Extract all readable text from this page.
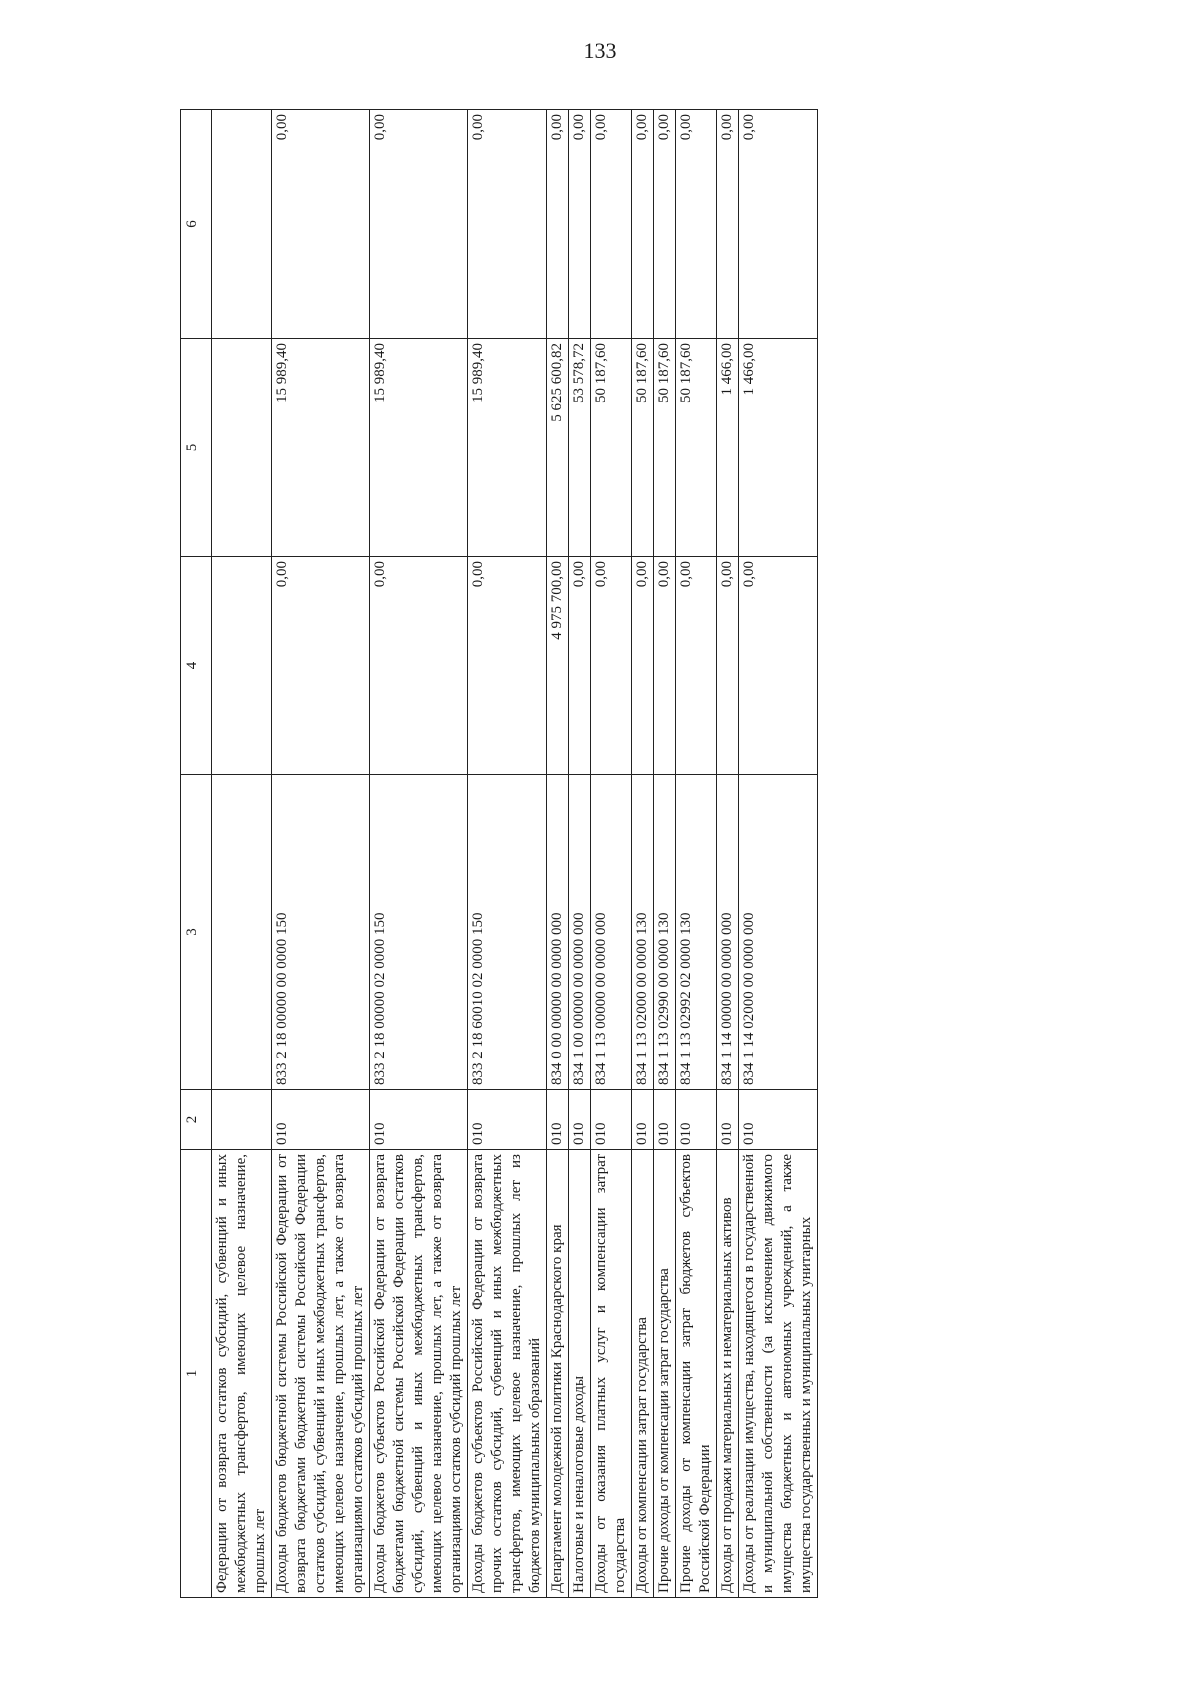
133
1	2	3	4	5	6
Федерации от возврата остатков субсидий, субвенций и иных межбюджетных трансфертов, имеющих целевое назначение, прошлых лет					
Доходы бюджетов бюджетной системы Российской Федерации от возврата бюджетами бюджетной системы Российской Федерации остатков субсидий, субвенций и иных межбюджетных трансфертов, имеющих целевое назначение, прошлых лет, а также от возврата организациями остатков субсидий прошлых лет	010	833 2 18 00000 00 0000 150	0,00	15 989,40	0,00
Доходы бюджетов субъектов Российской Федерации от возврата бюджетами бюджетной системы Российской Федерации остатков субсидий, субвенций и иных межбюджетных трансфертов, имеющих целевое назначение, прошлых лет, а также от возврата организациями остатков субсидий прошлых лет	010	833 2 18 00000 02 0000 150	0,00	15 989,40	0,00
Доходы бюджетов субъектов Российской Федерации от возврата прочих остатков субсидий, субвенций и иных межбюджетных трансфертов, имеющих целевое назначение, прошлых лет из бюджетов муниципальных образований	010	833 2 18 60010 02 0000 150	0,00	15 989,40	0,00
Департамент молодежной политики Краснодарского края	010	834 0 00 00000 00 0000 000	4 975 700,00	5 625 600,82	0,00
Налоговые и неналоговые доходы	010	834 1 00 00000 00 0000 000	0,00	53 578,72	0,00
Доходы от оказания платных услуг и компенсации затрат государства	010	834 1 13 00000 00 0000 000	0,00	50 187,60	0,00
Доходы от компенсации затрат государства	010	834 1 13 02000 00 0000 130	0,00	50 187,60	0,00
Прочие доходы от компенсации затрат государства	010	834 1 13 02990 00 0000 130	0,00	50 187,60	0,00
Прочие доходы от компенсации затрат бюджетов субъектов Российской Федерации	010	834 1 13 02992 02 0000 130	0,00	50 187,60	0,00
Доходы от продажи материальных и нематериальных активов	010	834 1 14 00000 00 0000 000	0,00	1 466,00	0,00
Доходы от реализации имущества, находящегося в государственной и муниципальной собственности (за исключением движимого имущества бюджетных и автономных учреждений, а также имущества государственных и муниципальных унитарных	010	834 1 14 02000 00 0000 000	0,00	1 466,00	0,00
